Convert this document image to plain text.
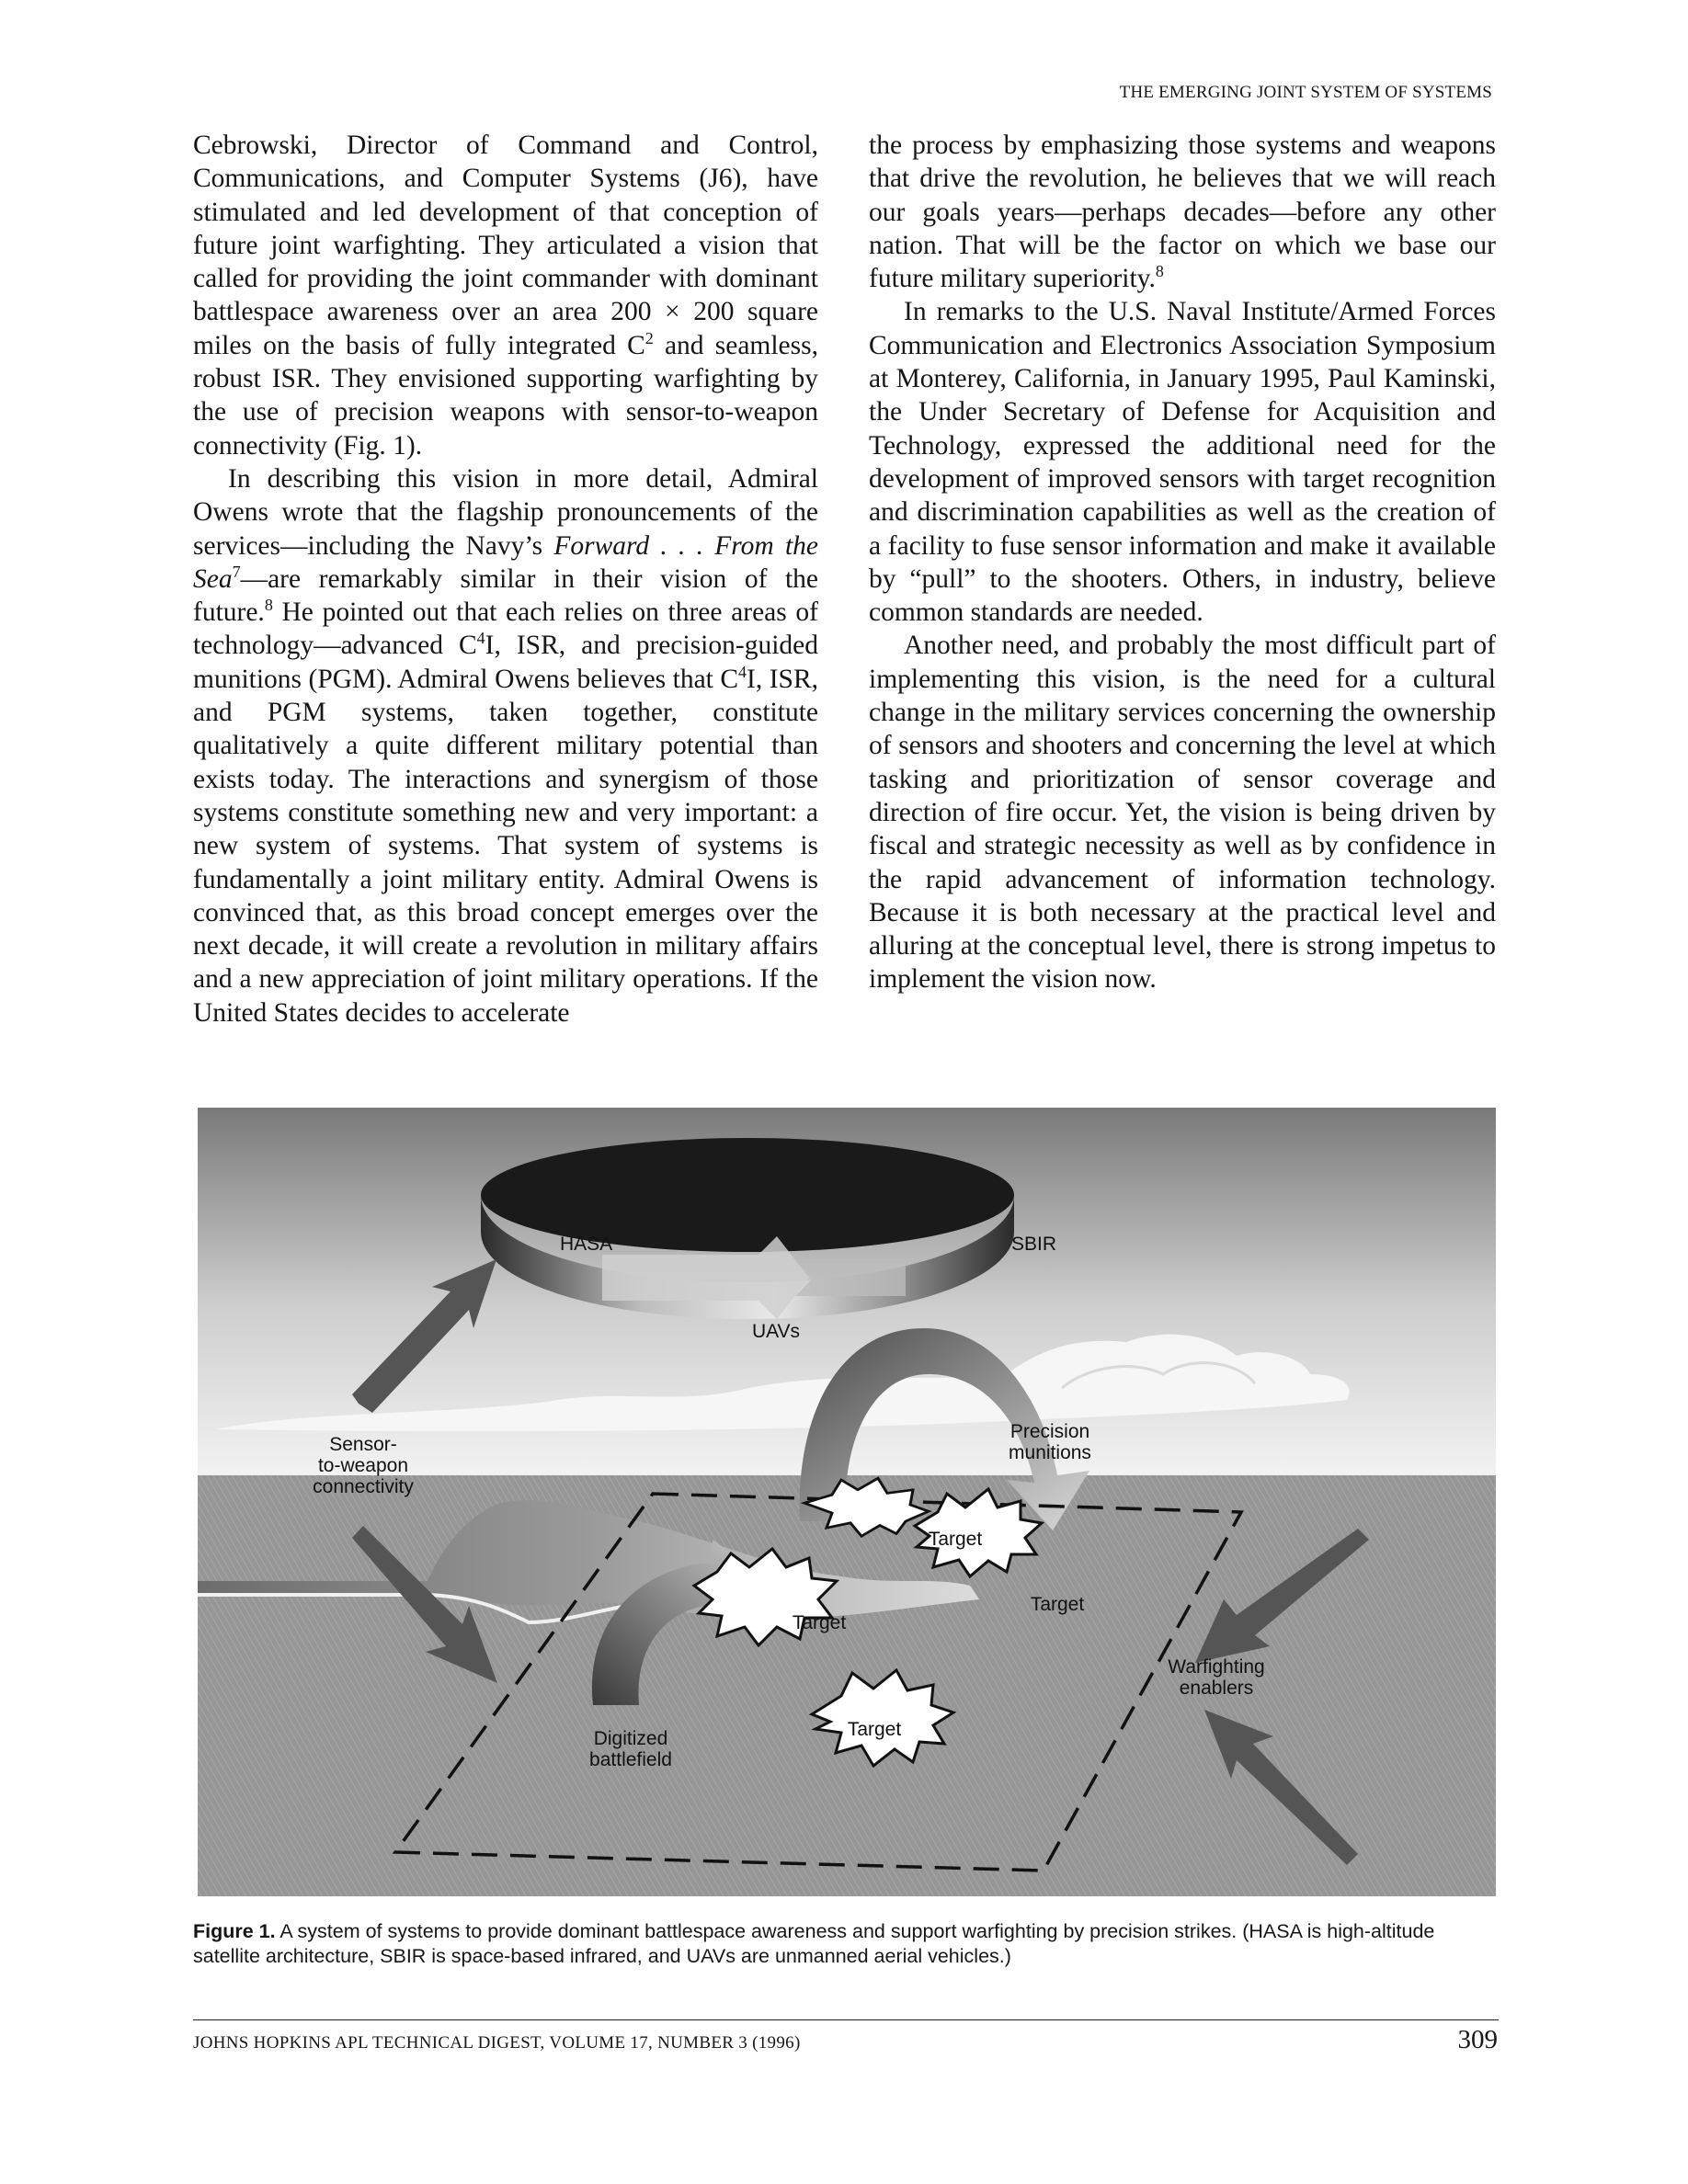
THE EMERGING JOINT SYSTEM OF SYSTEMS

Cebrowski, Director of Command and Control, Communications, and Computer Systems (J6), have stimulated and led development of that conception of future joint warfighting. They articulated a vision that called for providing the joint commander with dominant battlespace awareness over an area 200 × 200 square miles on the basis of fully integrated $C^2$ and seamless, robust ISR. They envisioned supporting warfighting by the use of precision weapons with sensor-to-weapon connectivity (Fig. 1).

In describing this vision in more detail, Admiral Owens wrote that the flagship pronouncements of the services—including the Navy’s Forward . . . From the Sea$^7$—are remarkably similar in their vision of the future.$^8$ He pointed out that each relies on three areas of technology—advanced $C^4I$, ISR, and precision-guided munitions (PGM). Admiral Owens believes that $C^4I$, ISR, and PGM systems, taken together, constitute qualitatively a quite different military potential than exists today. The interactions and synergism of those systems constitute something new and very important: a new system of systems. That system of systems is fundamentally a joint military entity. Admiral Owens is convinced that, as this broad concept emerges over the next decade, it will create a revolution in military affairs and a new appreciation of joint military operations. If the United States decides to accelerate

the process by emphasizing those systems and weapons that drive the revolution, he believes that we will reach our goals years—perhaps decades—before any other nation. That will be the factor on which we base our future military superiority.$^8$

In remarks to the U.S. Naval Institute/Armed Forces Communication and Electronics Association Symposium at Monterey, California, in January 1995, Paul Kaminski, the Under Secretary of Defense for Acquisition and Technology, expressed the additional need for the development of improved sensors with target recognition and discrimination capabilities as well as the creation of a facility to fuse sensor information and make it available by “pull” to the shooters. Others, in industry, believe common standards are needed.

Another need, and probably the most difficult part of implementing this vision, is the need for a cultural change in the military services concerning the ownership of sensors and shooters and concerning the level at which tasking and prioritization of sensor coverage and direction of fire occur. Yet, the vision is being driven by fiscal and strategic necessity as well as by confidence in the rapid advancement of information technology. Because it is both necessary at the practical level and alluring at the conceptual level, there is strong impetus to implement the vision now.

HASA	SBIR
UAVs
Sensor-
to-weapon
connectivity
Precision
munitions
Target
Target
Target
Target
Warfighting
enablers
Digitized
battlefield
Figure 1. A system of systems to provide dominant battlespace awareness and support warfighting by precision strikes. (HASA is high-altitude satellite architecture, SBIR is space-based infrared, and UAVs are unmanned aerial vehicles.)
JOHNS HOPKINS APL TECHNICAL DIGEST, VOLUME 17, NUMBER 3 (1996)	309
